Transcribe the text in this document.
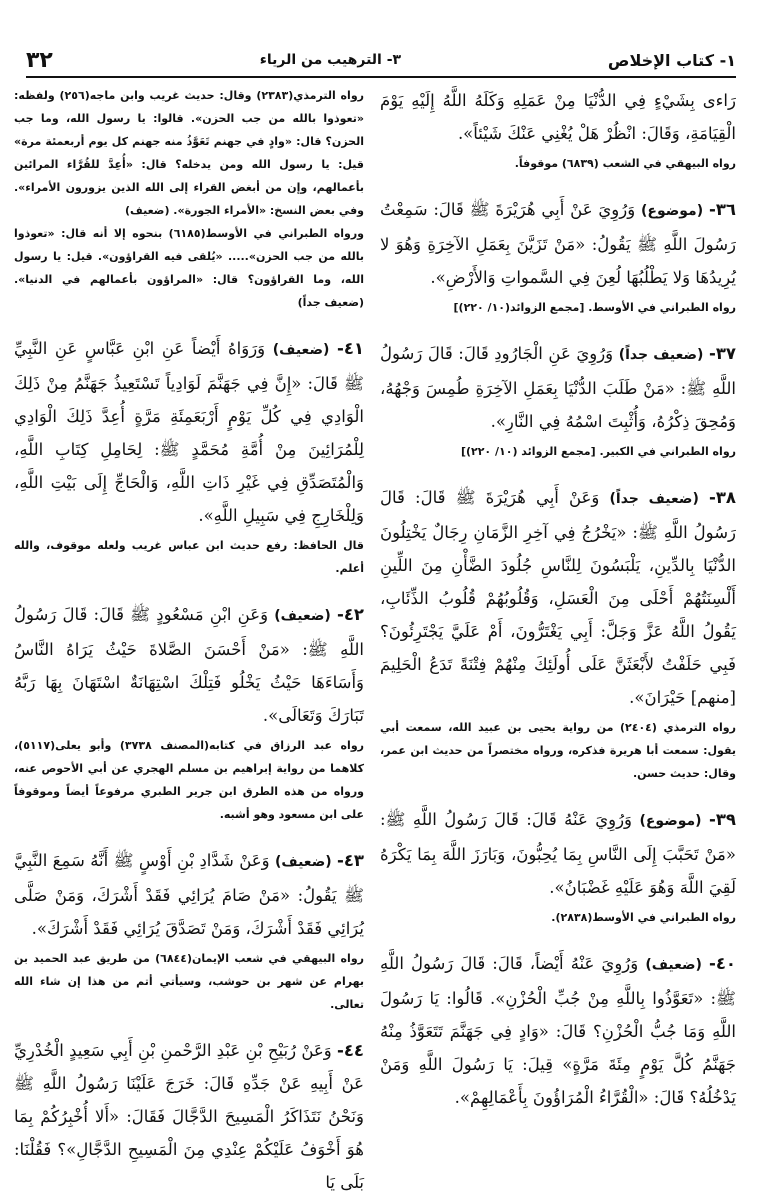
١- كتاب الإخلاص
٣- الترهيب من الرياء
٣٢

رَاءى بِشَيْءٍ فِي الدُّنْيَا مِنْ عَمَلِهِ وَكَلَهُ اللَّهُ إِلَيْهِ يَوْمَ الْقِيَامَةِ، وَقَالَ: انْظُرْ هَلْ يُغْنِي عَنْكَ شَيْئاً».

رواه البيهقي في الشعب (٦٨٣٩) موقوفاً.

٣٦- (موضوع) وَرُوِيَ عَنْ أَبِي هُرَيْرَةَ ﷺ قَالَ: سَمِعْتُ رَسُولَ اللَّهِ ﷺ يَقُولُ: «مَنْ تَزَيَّنَ بِعَمَلِ الآخِرَةِ وَهُوَ لا يُرِيدُهَا وَلا يَطْلُبُهَا لُعِنَ فِي السَّمواتِ وَالأَرْضِ».

رواه الطبراني في الأوسط. [مجمع الزوائد(١٠/ ٢٢٠)]

٣٧- (ضعيف جداً) وَرُوِيَ عَنِ الْجَارُودِ قَالَ: قَالَ رَسُولُ اللَّهِ ﷺ: «مَنْ طَلَبَ الدُّنْيَا بِعَمَلِ الآخِرَةِ طُمِسَ وَجْهُهُ، وَمُحِقَ ذِكْرُهُ، وَأُثْبِتَ اسْمُهُ فِي النَّارِ».

رواه الطبراني في الكبير. [مجمع الزوائد (١٠/ ٢٢٠)]

٣٨- (ضعيف جداً) وَعَنْ أَبِي هُرَيْرَةَ ﷺ قَالَ: قَالَ رَسُولُ اللَّهِ ﷺ: «يَخْرُجُ فِي آخِرِ الزَّمَانِ رِجَالٌ يَخْتِلُونَ الدُّنْيَا بِالدِّينِ، يَلْبَسُونَ لِلنَّاسِ جُلُودَ الضَّأْنِ مِنَ اللِّينِ أَلْسِنَتُهُمْ أَحْلَى مِنَ الْعَسَلِ، وَقُلُوبُهُمْ قُلُوبُ الذِّئَابِ، يَقُولُ اللَّهُ عَزَّ وَجَلَّ: أَبِي يَغْتَرُّونَ، أَمْ عَلَيَّ يَجْتَرِئُونَ؟ فَبِي حَلَفْتُ لأَبْعَثَنَّ عَلَى أُولَئِكَ مِنْهُمْ فِتْنَةً تَدَعُ الْحَلِيمَ [منهم] حَيْرَانَ».

رواه الترمذي (٢٤٠٤) من رواية يحيى بن عبيد الله، سمعت أبي يقول: سمعت أبا هريرة فذكره، ورواه مختصراً من حديث ابن عمر، وقال: حديث حسن.

٣٩- (موضوع) وَرُوِيَ عَنْهُ قَالَ: قَالَ رَسُولُ اللَّهِ ﷺ: «مَنْ تَحَبَّبَ إِلَى النَّاسِ بِمَا يُحِبُّونَ، وَبَارَزَ اللَّهَ بِمَا يَكْرَهُ لَقِيَ اللَّهَ وَهُوَ عَلَيْهِ غَضْبَانُ».

رواه الطبراني في الأوسط(٢٨٣٨).

٤٠- (ضعيف) وَرُوِيَ عَنْهُ أَيْضاً، قَالَ: قَالَ رَسُولُ اللَّهِ ﷺ: «تَعَوَّذُوا بِاللَّهِ مِنْ جُبِّ الْحُزْنِ». قَالُوا: يَا رَسُولَ اللَّهِ وَمَا جُبُّ الْحُزْنِ؟ قَالَ: «وَادٍ فِي جَهَنَّمَ تَتَعَوَّذُ مِنْهُ جَهَنَّمُ كُلَّ يَوْمٍ مِئَةَ مَرَّةٍ» قِيلَ: يَا رَسُولَ اللَّهِ وَمَنْ يَدْخُلُهُ؟ قَالَ: «الْقُرَّاءُ الْمُرَاؤُونَ بِأَعْمَالِهِمْ».

رواه الترمذي(٢٣٨٣) وقال: حديث غريب وابن ماجه(٢٥٦) ولفظه: «تعوذوا بالله من جب الحزن». قالوا: يا رسول الله، وما جب الحزن؟ قال: «وادٍ في جهنم تَعَوَّذُ منه جهنم كل يوم أربعمئة مرة» قيل: يا رسول الله ومن يدخله؟ قال: «أُعِدَّ للقُرَّاء المرائين بأعمالهم، وإن من أبغض القراء إلى الله الذين يزورون الأمراء». وفي بعض النسخ: «الأمراء الجورة». (ضعيف)

ورواه الطبراني في الأوسط(٦١٨٥) بنحوه إلا أنه قال: «تعوذوا بالله من جب الحزن»..... «يُلقى فيه القراؤون». قيل: يا رسول الله، وما القراؤون؟ قال: «المراؤون بأعمالهم في الدنيا». (ضعيف جداً)

٤١- (ضعيف) وَرَوَاهُ أَيْضاً عَنِ ابْنِ عَبَّاسٍ عَنِ النَّبِيِّ ﷺ قَالَ: «إِنَّ فِي جَهَنَّمَ لَوَادِياً تَسْتَعِيذُ جَهَنَّمُ مِنْ ذَلِكَ الْوَادِي فِي كُلِّ يَوْمٍ أَرْبَعَمِئَةِ مَرَّةٍ أُعِدَّ ذَلِكَ الْوَادِي لِلْمُرَائِينَ مِنْ أُمَّةِ مُحَمَّدٍ ﷺ: لِحَامِلِ كِتَابِ اللَّهِ، وَالْمُتَصَدِّقِ فِي غَيْرِ ذَاتِ اللَّهِ، وَالْحَاجِّ إِلَى بَيْتِ اللَّهِ، وَلِلْخَارِجِ فِي سَبِيلِ اللَّهِ».

قال الحافظ: رفع حديث ابن عباس غريب ولعله موقوف، والله أعلم.

٤٢- (ضعيف) وَعَنِ ابْنِ مَسْعُودٍ ﷺ قَالَ: قَالَ رَسُولُ اللَّهِ ﷺ: «مَنْ أَحْسَنَ الصَّلاةَ حَيْثُ يَرَاهُ النَّاسُ وَأَسَاءَهَا حَيْثُ يَخْلُو فَتِلْكَ اسْتِهَانَةٌ اسْتَهَانَ بِهَا رَبَّهُ تَبَارَكَ وَتَعَالَى».

رواه عبد الرزاق في كتابه(المصنف ٣٧٣٨) وأبو يعلى(٥١١٧)، كلاهما من رواية إبراهيم بن مسلم الهجري عن أبي الأحوص عنه، ورواه من هذه الطرق ابن جرير الطبري مرفوعاً أيضاً وموقوفاً على ابن مسعود وهو أشبه.

٤٣- (ضعيف) وَعَنْ شَدَّادِ بْنِ أَوْسٍ ﷺ أَنَّهُ سَمِعَ النَّبِيَّ ﷺ يَقُولُ: «مَنْ صَامَ يُرَائِي فَقَدْ أَشْرَكَ، وَمَنْ صَلَّى يُرَائِي فَقَدْ أَشْرَكَ، وَمَنْ تَصَدَّقَ يُرَائِي فَقَدْ أَشْرَكَ».

رواه البيهقي في شعب الإيمان(٦٨٤٤) من طريق عبد الحميد بن بهرام عن شهر بن حوشب، وسيأتي أتم من هذا إن شاء الله تعالى.

٤٤- وَعَنْ رُبَيْحِ بْنِ عَبْدِ الرَّحْمنِ بْنِ أَبِي سَعِيدٍ الْخُدْرِيِّ عَنْ أَبِيهِ عَنْ جَدِّهِ قَالَ: خَرَجَ عَلَيْنَا رَسُولُ اللَّهِ ﷺ وَنَحْنُ نَتَذَاكَرُ الْمَسِيحَ الدَّجَّالَ فَقَالَ: «أَلا أُخْبِرُكُمْ بِمَا هُوَ أَخْوَفُ عَلَيْكُمْ عِنْدِي مِنَ الْمَسِيحِ الدَّجَّالِ»؟ فَقُلْنَا: بَلَى يَا
